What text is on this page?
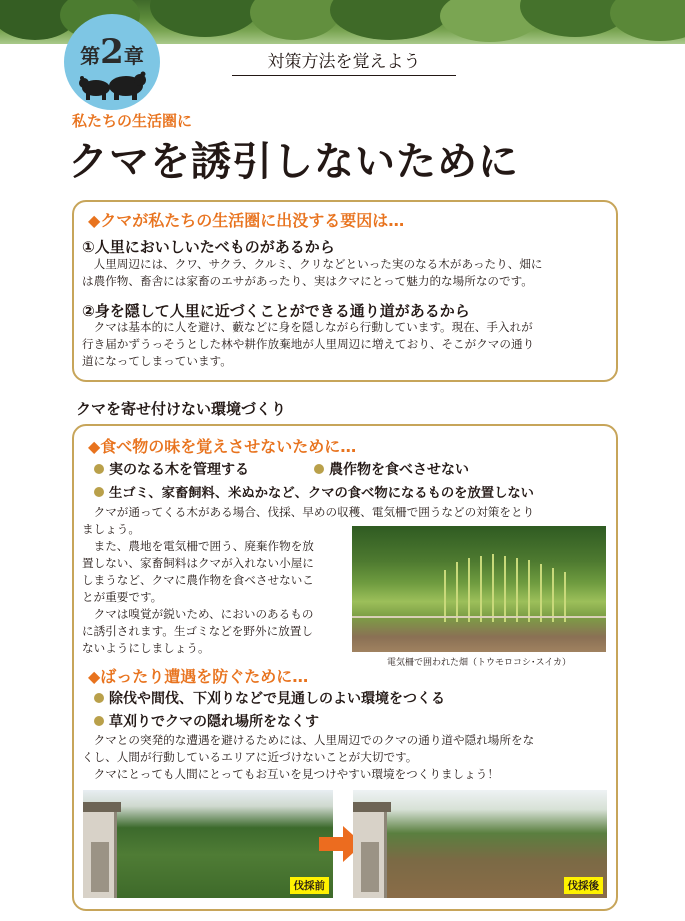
第2章	対策方法を覚えよう
私たちの生活圏に
クマを誘引しないために
◆クマが私たちの生活圏に出没する要因は…
①人里においしいたべものがあるから
　人里周辺には、クワ、サクラ、クルミ、クリなどといった実のなる木があったり、畑に
は農作物、畜舎には家畜のエサがあったり、実はクマにとって魅力的な場所なのです。
②身を隠して人里に近づくことができる通り道があるから
　クマは基本的に人を避け、藪などに身を隠しながら行動しています。現在、手入れが
行き届かずうっそうとした林や耕作放棄地が人里周辺に増えており、そこがクマの通り
道になってしまっています。
クマを寄せ付けない環境づくり
◆食べ物の味を覚えさせないために…
実のなる木を管理する	農作物を食べさせない
生ゴミ、家畜飼料、米ぬかなど、クマの食べ物になるものを放置しない
　クマが通ってくる木がある場合、伐採、早めの収穫、電気柵で囲うなどの対策をとり
ましょう。
　また、農地を電気柵で囲う、廃棄作物を放
置しない、家畜飼料はクマが入れない小屋に
しまうなど、クマに農作物を食べさせないこ
とが重要です。
　クマは嗅覚が鋭いため、においのあるもの
に誘引されます。生ゴミなどを野外に放置し
ないようにしましょう。
電気柵で囲われた畑（トウモロコシ･スイカ）
◆ばったり遭遇を防ぐために…
除伐や間伐、下刈りなどで見通しのよい環境をつくる
草刈りでクマの隠れ場所をなくす
　クマとの突発的な遭遇を避けるためには、人里周辺でのクマの通り道や隠れ場所をな
くし、人間が行動しているエリアに近づけないことが大切です。
　クマにとっても人間にとってもお互いを見つけやすい環境をつくりましょう！
伐採前	伐採後
